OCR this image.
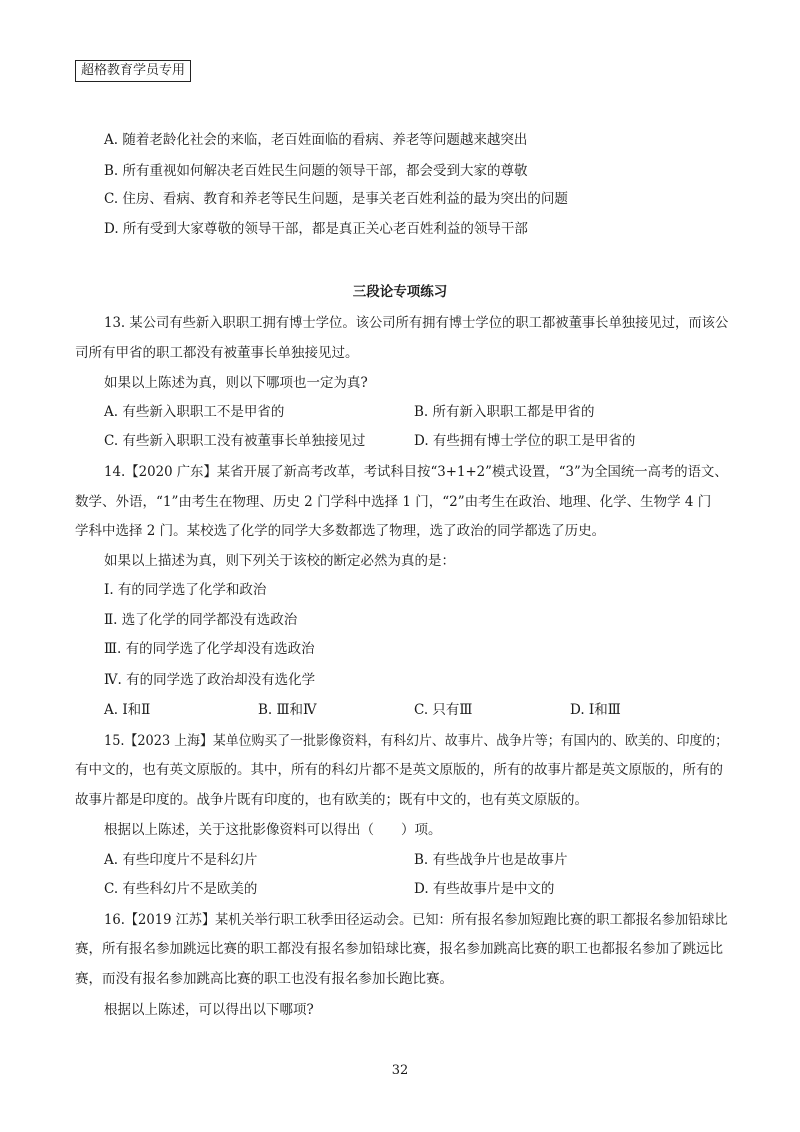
超格教育学员专用
A. 随着老龄化社会的来临，老百姓面临的看病、养老等问题越来越突出
B. 所有重视如何解决老百姓民生问题的领导干部，都会受到大家的尊敬
C. 住房、看病、教育和养老等民生问题，是事关老百姓利益的最为突出的问题
D. 所有受到大家尊敬的领导干部，都是真正关心老百姓利益的领导干部
三段论专项练习
13. 某公司有些新入职职工拥有博士学位。该公司所有拥有博士学位的职工都被董事长单独接见过，而该公
司所有甲省的职工都没有被董事长单独接见过。
如果以上陈述为真，则以下哪项也一定为真?
A. 有些新入职职工不是甲省的	B. 所有新入职职工都是甲省的
C. 有些新入职职工没有被董事长单独接见过	D. 有些拥有博士学位的职工是甲省的
14.【2020 广东】某省开展了新高考改革，考试科目按“3+1+2”模式设置，“3”为全国统一高考的语文、
数学、外语，“1”由考生在物理、历史 2 门学科中选择 1 门，“2”由考生在政治、地理、化学、生物学 4 门
学科中选择 2 门。某校选了化学的同学大多数都选了物理，选了政治的同学都选了历史。
如果以上描述为真，则下列关于该校的断定必然为真的是：
Ⅰ. 有的同学选了化学和政治
Ⅱ. 选了化学的同学都没有选政治
Ⅲ. 有的同学选了化学却没有选政治
Ⅳ. 有的同学选了政治却没有选化学
A. Ⅰ和Ⅱ	B. Ⅲ和Ⅳ	C. 只有Ⅲ	D. Ⅰ和Ⅲ
15.【2023 上海】某单位购买了一批影像资料，有科幻片、故事片、战争片等；有国内的、欧美的、印度的；
有中文的，也有英文原版的。其中，所有的科幻片都不是英文原版的，所有的故事片都是英文原版的，所有的
故事片都是印度的。战争片既有印度的，也有欧美的；既有中文的，也有英文原版的。
根据以上陈述，关于这批影像资料可以得出（　　）项。
A. 有些印度片不是科幻片	B. 有些战争片也是故事片
C. 有些科幻片不是欧美的	D. 有些故事片是中文的
16.【2019 江苏】某机关举行职工秋季田径运动会。已知：所有报名参加短跑比赛的职工都报名参加铅球比
赛，所有报名参加跳远比赛的职工都没有报名参加铅球比赛，报名参加跳高比赛的职工也都报名参加了跳远比
赛，而没有报名参加跳高比赛的职工也没有报名参加长跑比赛。
根据以上陈述，可以得出以下哪项?
32
